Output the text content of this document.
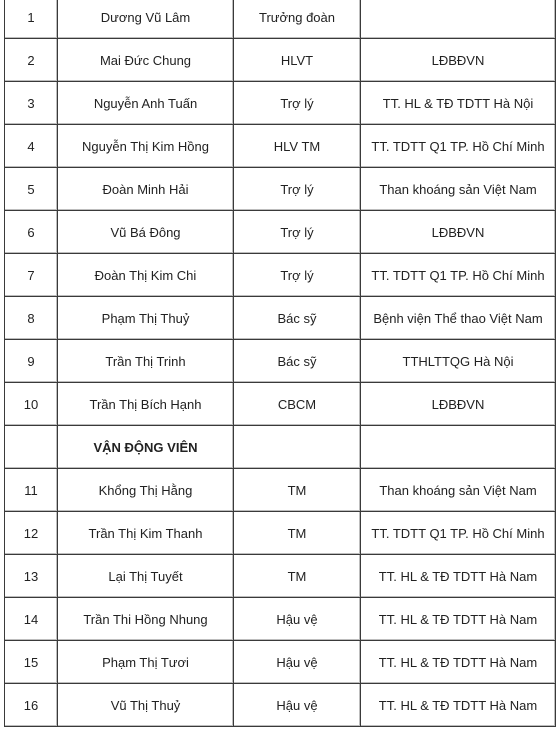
1	Dương Vũ Lâm	Trưởng đoàn	
2	Mai Đức Chung	HLVT	LĐBĐVN
3	Nguyễn Anh Tuấn	Trợ lý	TT. HL & TĐ TDTT Hà Nội
4	Nguyễn Thị Kim Hồng	HLV TM	TT. TDTT Q1 TP. Hồ Chí Minh
5	Đoàn Minh Hải	Trợ lý	Than khoáng sản Việt Nam
6	Vũ Bá Đông	Trợ lý	LĐBĐVN
7	Đoàn Thị Kim Chi	Trợ lý	TT. TDTT Q1 TP. Hồ Chí Minh
8	Phạm Thị Thuỷ	Bác sỹ	Bệnh viện Thể thao Việt Nam
9	Trần Thị Trinh	Bác sỹ	TTHLTTQG Hà Nội
10	Trần Thị Bích Hạnh	CBCM	LĐBĐVN
	VẬN ĐỘNG VIÊN		
11	Khổng Thị Hằng	TM	Than khoáng sản Việt Nam
12	Trần Thị Kim Thanh	TM	TT. TDTT Q1 TP. Hồ Chí Minh
13	Lại Thị Tuyết	TM	TT. HL & TĐ TDTT Hà Nam
14	Trần Thi Hồng Nhung	Hậu vệ	TT. HL & TĐ TDTT Hà Nam
15	Phạm Thị Tươi	Hậu vệ	TT. HL & TĐ TDTT Hà Nam
16	Vũ Thị Thuỷ	Hậu vệ	TT. HL & TĐ TDTT Hà Nam
